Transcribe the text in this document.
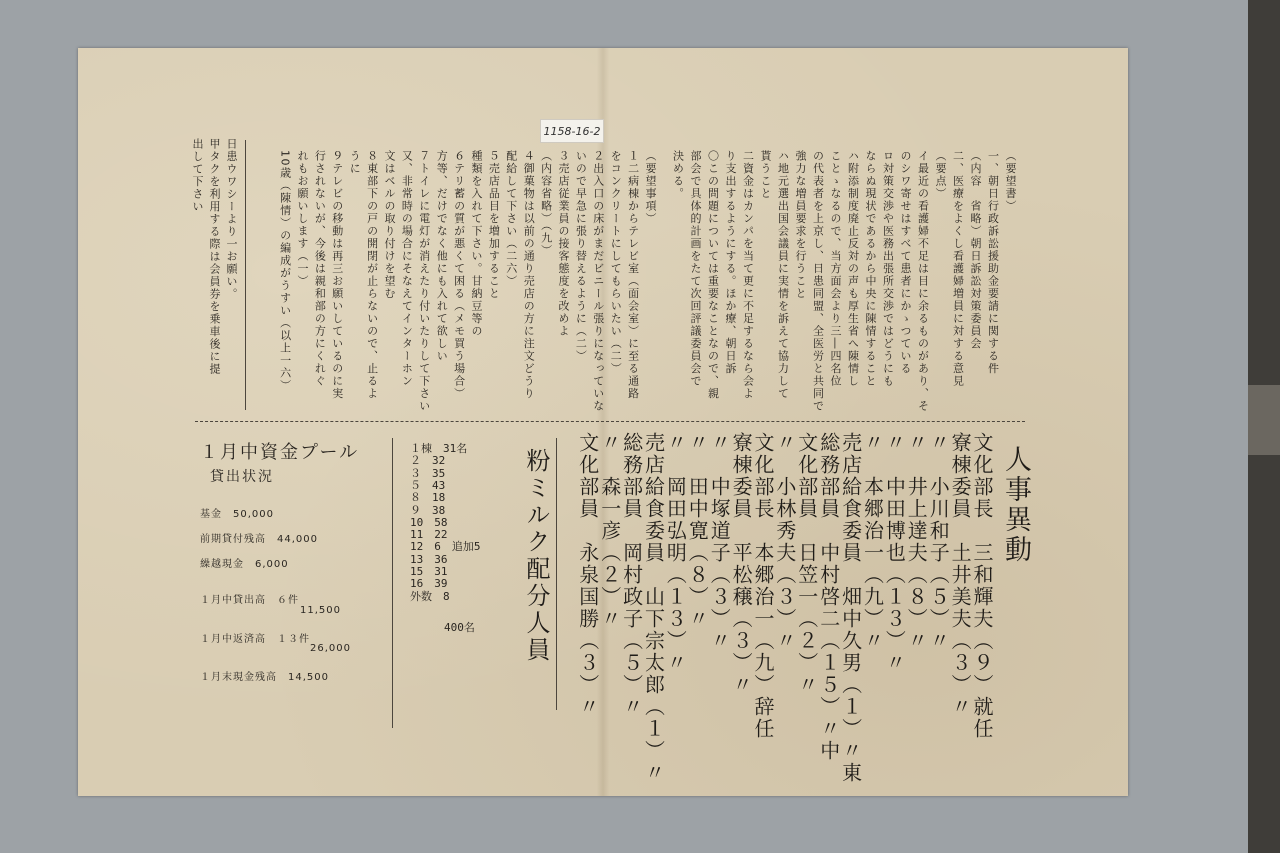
1158-16-2
（要望書）
一、朝日行政訴訟援助金要請に関する件
（内容　省略）朝日訴訟対策委員会
二、医療をよくし看護婦増員に対する意見
（要点）
イ最近の看護婦不足は目に余るものがあり、そ
のシワ寄せはすべて患者にかゝつている
ロ対策交渉や医務出張所交渉ではどうにも
ならぬ現状であるから中央に陳情すること
ハ附添制度廃止反対の声も厚生省へ陳情し
ことゝなるので、当方面会より三―四名位
の代表者を上京し、日患同盟、全医労と共同で
強力な増員要求を行うこと
ハ地元選出国会議員に実情を訴えて協力して
貰うこと
二資金はカンパを当て更に不足するなら会よ
り支出するようにする。ほか療、朝日訴
〇この問題については重要なことなので、親
部会で具体的計画をたて次回評議委員会で
決める。
（要望事項）
１二病棟からテレビ室（面会室）に至る通路
をコンクリートにしてもらいたい（二）
２出入口の床がまだビニール張りになっていな
いので早急に張り替えるように（二）
３売店従業員の接客態度を改めよ
（内容省略）（九）
４御菓物は以前の通り売店の方に注文どうり
配給して下さい（二六）
５売店品目を増加すること
種類を入れて下さい。甘納豆等の
６テリ蓄の質が悪くて困る（メモ買う場合）
方等、だけでなく他にも入れて欲しい
７トイレに電灯が消えたり付いたりして下さい
又、非常時の場合にそなえてインターホン
文はベルの取り付けを望む
８東部下の戸の開閉が止らないので、止るよ
うに
９テレビの移動は再三お願いしているのに実
行されないが、今後は親和部の方にくれぐ
れもお願いします（一）
10歳（陳情）の編成がうすい（以上一六）
日患ウワシーより一お願い。
甲タクを利用する際は会員券を乗車後に提
出して下さい
人事異動
文化部長　三和輝夫（９）就任
寮棟委員　土井美夫（３）〃
〃　小川和子（５）〃
〃　井上達夫（８）〃
〃　中田博也（１３）〃
〃　本郷治一（九）〃
売店給食委員　畑中久男（１）〃東
総務部員　中村啓二（１５）〃中
文化部員　日笠一（２）〃
〃　小林秀夫（３）〃
文化部長　本郷治一（九）辞任
寮棟委員　平松穣（３）〃
〃　中塚道子（３）〃
〃　田中寛（８）〃
〃　岡田弘明（１３）〃
売店給食委員　山下宗太郎（１）〃
総務部員　岡村政子（５）〃
〃　森一彦（２）〃
文化部員　永泉国勝（３）〃
粉ミルク配分人員
１棟　31名
２　32
３　35
５　43
８　18
９　38
10　58
11　22
12　6　追加5
13　36
15　31
16　39
外数　8
400名
１月中資金プール
貸出状況
基金　50,000
前期貸付残高　44,000
繰越現金　6,000
１月中貸出高　６件
11,500
１月中返済高　１３件
26,000
１月末現金残高　14,500
